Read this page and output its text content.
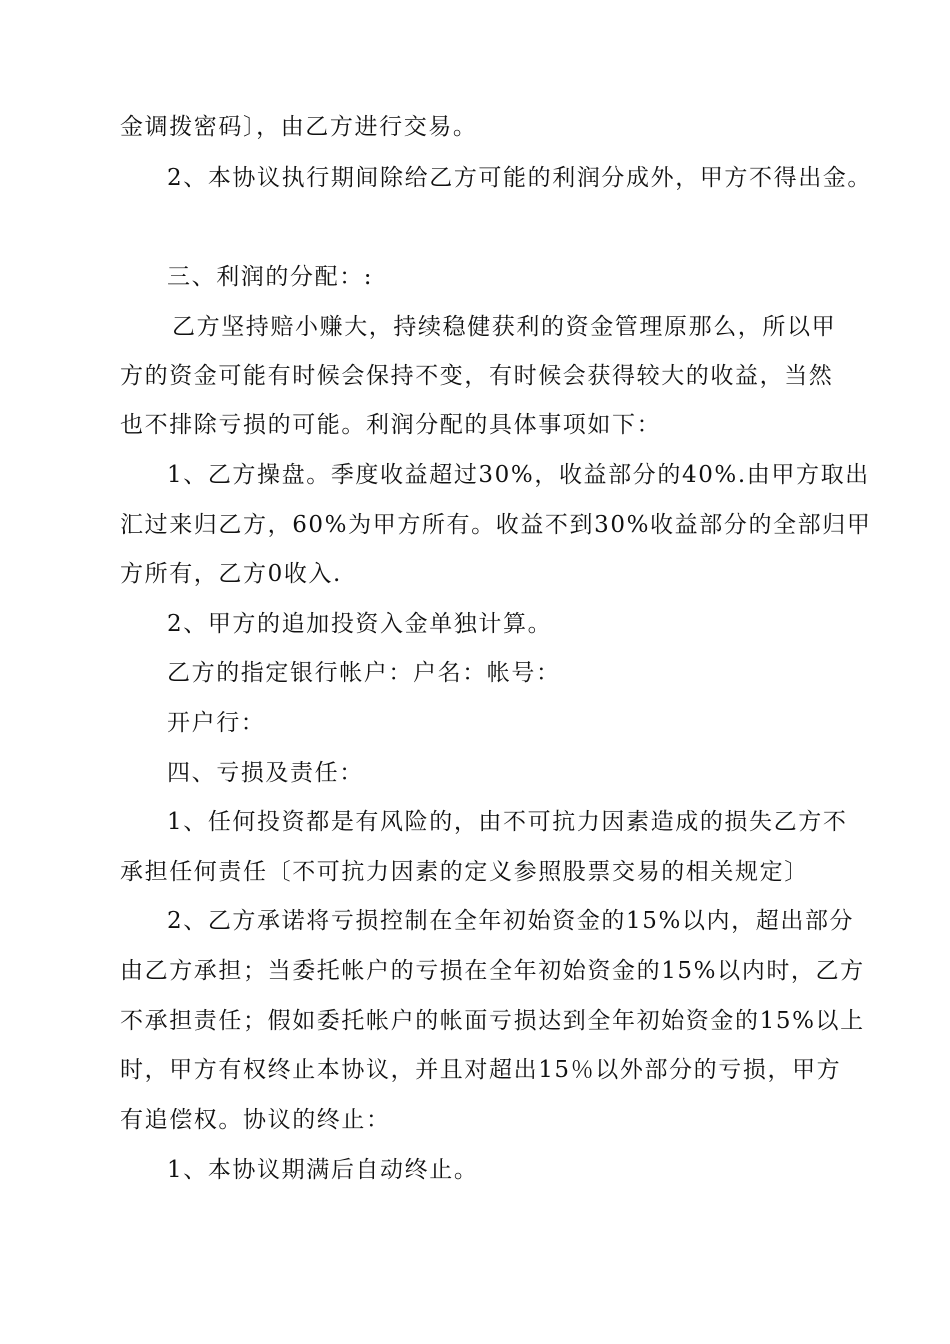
金调拨密码〕，由乙方进行交易。
2、本协议执行期间除给乙方可能的利润分成外，甲方不得出金。
三、利润的分配：:
乙方坚持赔小赚大，持续稳健获利的资金管理原那么，所以甲
方的资金可能有时候会保持不变，有时候会获得较大的收益，当然
也不排除亏损的可能。利润分配的具体事项如下：
1、乙方操盘。季度收益超过30%，收益部分的40%.由甲方取出
汇过来归乙方，60%为甲方所有。收益不到30%收益部分的全部归甲
方所有，乙方0收入.
2、甲方的追加投资入金单独计算。
乙方的指定银行帐户：户名：帐号：
开户行：
四、亏损及责任：
1、任何投资都是有风险的，由不可抗力因素造成的损失乙方不
承担任何责任〔不可抗力因素的定义参照股票交易的相关规定〕
2、乙方承诺将亏损控制在全年初始资金的15%以内，超出部分
由乙方承担；当委托帐户的亏损在全年初始资金的15%以内时，乙方
不承担责任；假如委托帐户的帐面亏损达到全年初始资金的15%以上
时，甲方有权终止本协议，并且对超出15％以外部分的亏损，甲方
有追偿权。协议的终止：
1、本协议期满后自动终止。
